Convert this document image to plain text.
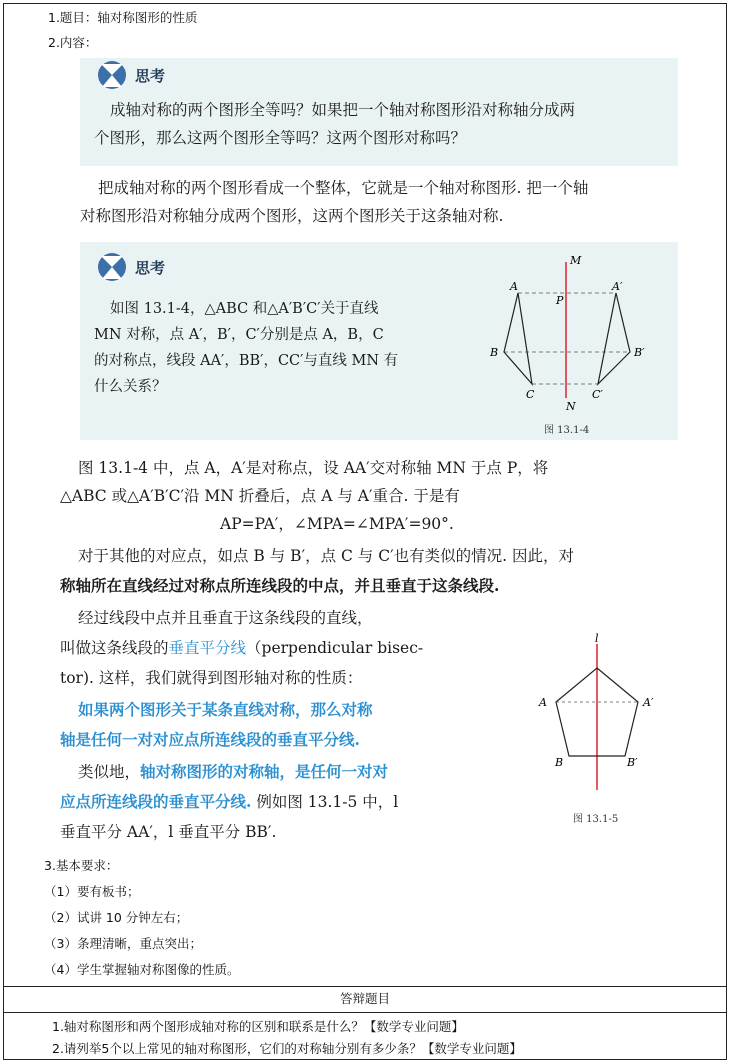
1.题目：轴对称图形的性质
2.内容：
思考
成轴对称的两个图形全等吗？如果把一个轴对称图形沿对称轴分成两
个图形，那么这两个图形全等吗？这两个图形对称吗？
把成轴对称的两个图形看成一个整体，它就是一个轴对称图形. 把一个轴
对称图形沿对称轴分成两个图形，这两个图形关于这条轴对称.
思考
如图 13.1-4，△ABC 和△A′B′C′关于直线
MN 对称，点 A′，B′，C′分别是点 A，B，C
的对称点，线段 AA′，BB′，CC′与直线 MN 有
什么关系？
M
N
P
A
B
C
A′
B′
C′
图 13.1-4
图 13.1-4 中，点 A，A′是对称点，设 AA′交对称轴 MN 于点 P，将
△ABC 或△A′B′C′沿 MN 折叠后，点 A 与 A′重合. 于是有
AP=PA′，∠MPA=∠MPA′=90°.
对于其他的对应点，如点 B 与 B′，点 C 与 C′也有类似的情况. 因此，对
称轴所在直线经过对称点所连线段的中点，并且垂直于这条线段.
经过线段中点并且垂直于这条线段的直线，
叫做这条线段的垂直平分线（perpendicular bisec-
tor). 这样，我们就得到图形轴对称的性质：
如果两个图形关于某条直线对称，那么对称
轴是任何一对对应点所连线段的垂直平分线.
类似地，轴对称图形的对称轴，是任何一对对
应点所连线段的垂直平分线. 例如图 13.1-5 中，l
垂直平分 AA′，l 垂直平分 BB′.
l
A	A′
B	B′
图 13.1-5
3.基本要求：
（1）要有板书；
（2）试讲 10 分钟左右；
（3）条理清晰，重点突出；
（4）学生掌握轴对称图像的性质。
答辩题目
1.轴对称图形和两个图形成轴对称的区别和联系是什么？【数学专业问题】
2.请列举5个以上常见的轴对称图形，它们的对称轴分别有多少条？【数学专业问题】
